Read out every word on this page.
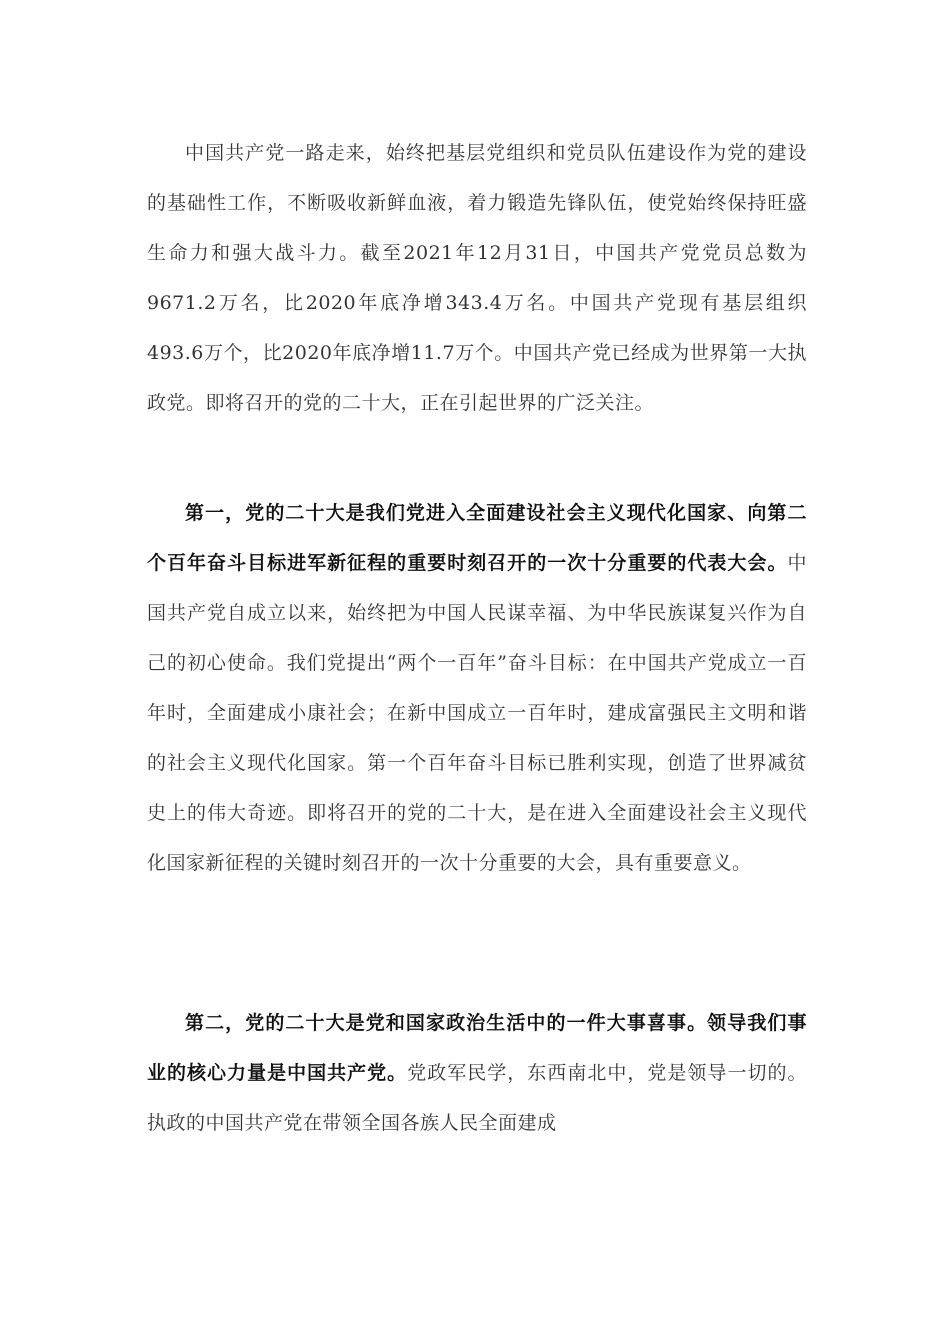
中国共产党一路走来，始终把基层党组织和党员队伍建设作为党的建设的基础性工作，不断吸收新鲜血液，着力锻造先锋队伍，使党始终保持旺盛生命力和强大战斗力。截至2021年12月31日，中国共产党党员总数为9671.2万名，比2020年底净增343.4万名。中国共产党现有基层组织493.6万个，比2020年底净增11.7万个。中国共产党已经成为世界第一大执政党。即将召开的党的二十大，正在引起世界的广泛关注。

第一，党的二十大是我们党进入全面建设社会主义现代化国家、向第二个百年奋斗目标进军新征程的重要时刻召开的一次十分重要的代表大会。中国共产党自成立以来，始终把为中国人民谋幸福、为中华民族谋复兴作为自己的初心使命。我们党提出“两个一百年”奋斗目标：在中国共产党成立一百年时，全面建成小康社会；在新中国成立一百年时，建成富强民主文明和谐的社会主义现代化国家。第一个百年奋斗目标已胜利实现，创造了世界减贫史上的伟大奇迹。即将召开的党的二十大，是在进入全面建设社会主义现代化国家新征程的关键时刻召开的一次十分重要的大会，具有重要意义。

第二，党的二十大是党和国家政治生活中的一件大事喜事。领导我们事业的核心力量是中国共产党。党政军民学，东西南北中，党是领导一切的。执政的中国共产党在带领全国各族人民全面建成
